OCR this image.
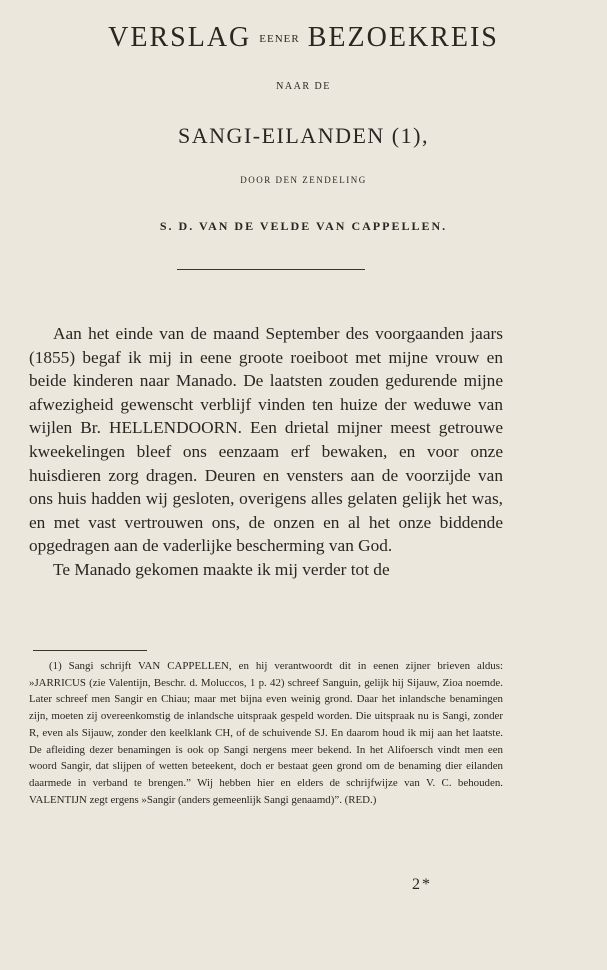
VERSLAG EENER BEZOEKREIS
NAAR DE
SANGI-EILANDEN (1),
DOOR DEN ZENDELING
S. D. VAN DE VELDE VAN CAPPELLEN.

Aan het einde van de maand September des voorgaanden jaars (1855) begaf ik mij in eene groote roeiboot met mijne vrouw en beide kinderen naar Manado. De laatsten zouden gedurende mijne afwezigheid gewenscht verblijf vinden ten huize der weduwe van wijlen Br. HELLENDOORN. Een drietal mijner meest getrouwe kweekelingen bleef ons eenzaam erf bewaken, en voor onze huisdieren zorg dragen. Deuren en vensters aan de voorzijde van ons huis hadden wij gesloten, overigens alles gelaten gelijk het was, en met vast vertrouwen ons, de onzen en al het onze biddende opgedragen aan de vaderlijke bescherming van God.

Te Manado gekomen maakte ik mij verder tot de

(1) Sangi schrijft VAN CAPPELLEN, en hij verantwoordt dit in eenen zijner brieven aldus: »JARRICUS (zie Valentijn, Beschr. d. Moluccos, 1 p. 42) schreef Sanguin, gelijk hij Sijauw, Zioa noemde. Later schreef men Sangir en Chiau; maar met bijna even weinig grond. Daar het inlandsche benamingen zijn, moeten zij overeenkomstig de inlandsche uitspraak gespeld worden. Die uitspraak nu is Sangi, zonder R, even als Sijauw, zonder den keelklank CH, of de schuivende SJ. En daarom houd ik mij aan het laatste. De afleiding dezer benamingen is ook op Sangi nergens meer bekend. In het Alifoersch vindt men een woord Sangir, dat slijpen of wetten beteekent, doch er bestaat geen grond om de benaming dier eilanden daarmede in verband te brengen.” Wij hebben hier en elders de schrijfwijze van V. C. behouden. VALENTIJN zegt ergens »Sangir (anders gemeenlijk Sangi genaamd)”. (RED.)

2*
